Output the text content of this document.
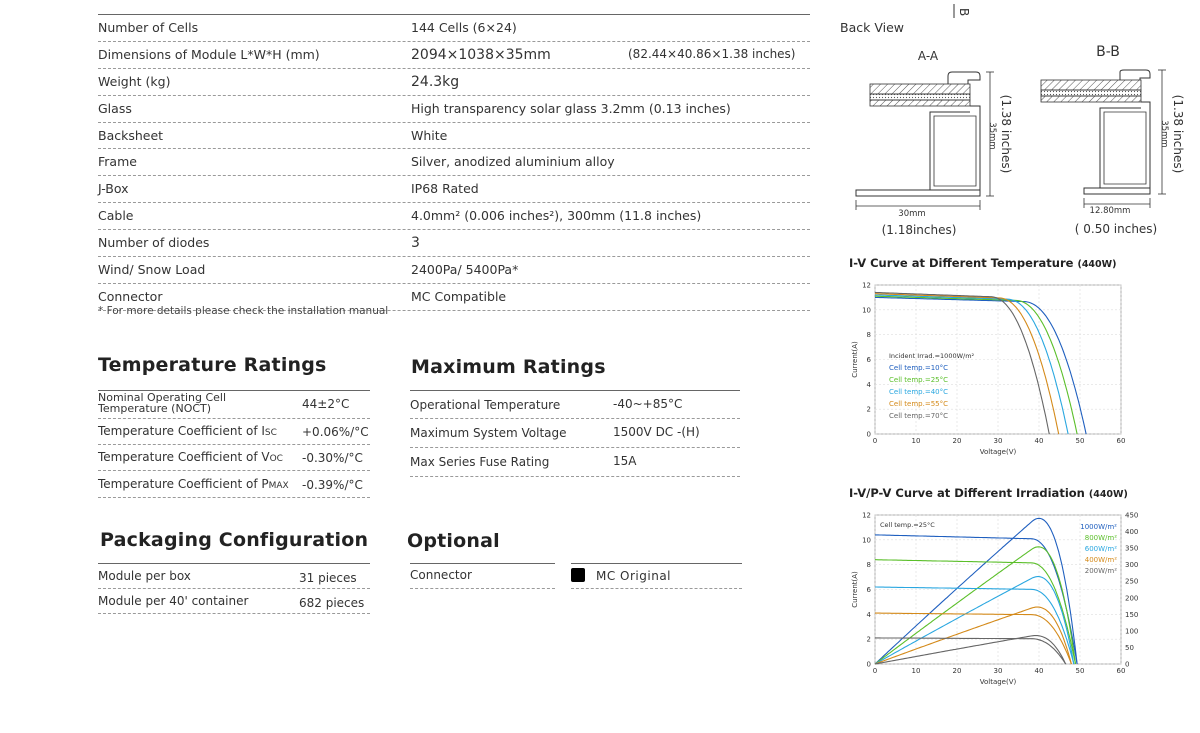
Number of Cells	144 Cells (6×24)
Dimensions of Module L*W*H (mm)	2094×1038×35mm	(82.44×40.86×1.38 inches)
Weight (kg)	24.3kg
Glass	High transparency solar glass 3.2mm (0.13 inches)
Backsheet	White
Frame	Silver, anodized aluminium alloy
J-Box	IP68 Rated
Cable	4.0mm² (0.006 inches²), 300mm (11.8 inches)
Number of diodes	3
Wind/ Snow Load	2400Pa/ 5400Pa*
Connector	MC Compatible
* For more details please check the installation manual
Temperature Ratings
Nominal Operating Cell Temperature (NOCT)	44±2°C
Temperature Coefficient of ISC +0.06%/°C
Temperature Coefficient of VOC -0.30%/°C
Temperature Coefficient of PMAX -0.39%/°C
Maximum Ratings
Operational Temperature	-40~+85°C
Maximum System Voltage	1500V DC -(H)
Max Series Fuse Rating	15A
Packaging Configuration
Module per box	31 pieces
Module per 40' container	682 pieces
Optional
Connector	MC Original
Back View
B
A-A
30mm
(1.18inches)
(1.38 inches)
35mm
B-B
12.80mm
( 0.50 inches)
(1.38 inches)
35mm
I-V Curve at Different Temperature (440W)
0
2
4
6
8
10
12
0	10	20	30	40	50	60
Voltage(V)
Current(A)	Cell temp.=10°C
Cell temp.=25°C
Cell temp.=40°C
Cell temp.=55°C
Cell temp.=70°C
Incident Irrad.=1000W/m²
I-V/P-V Curve at Different Irradiation (440W)
0
2
4
6
8
10
12
0	10	20	30	40	50	60
0
50
100
150
200
250
300
350
400
450
Voltage(V)
Current(A)
1000W/m²
800W/m²
600W/m²
400W/m²
200W/m²
Cell temp.=25°C
